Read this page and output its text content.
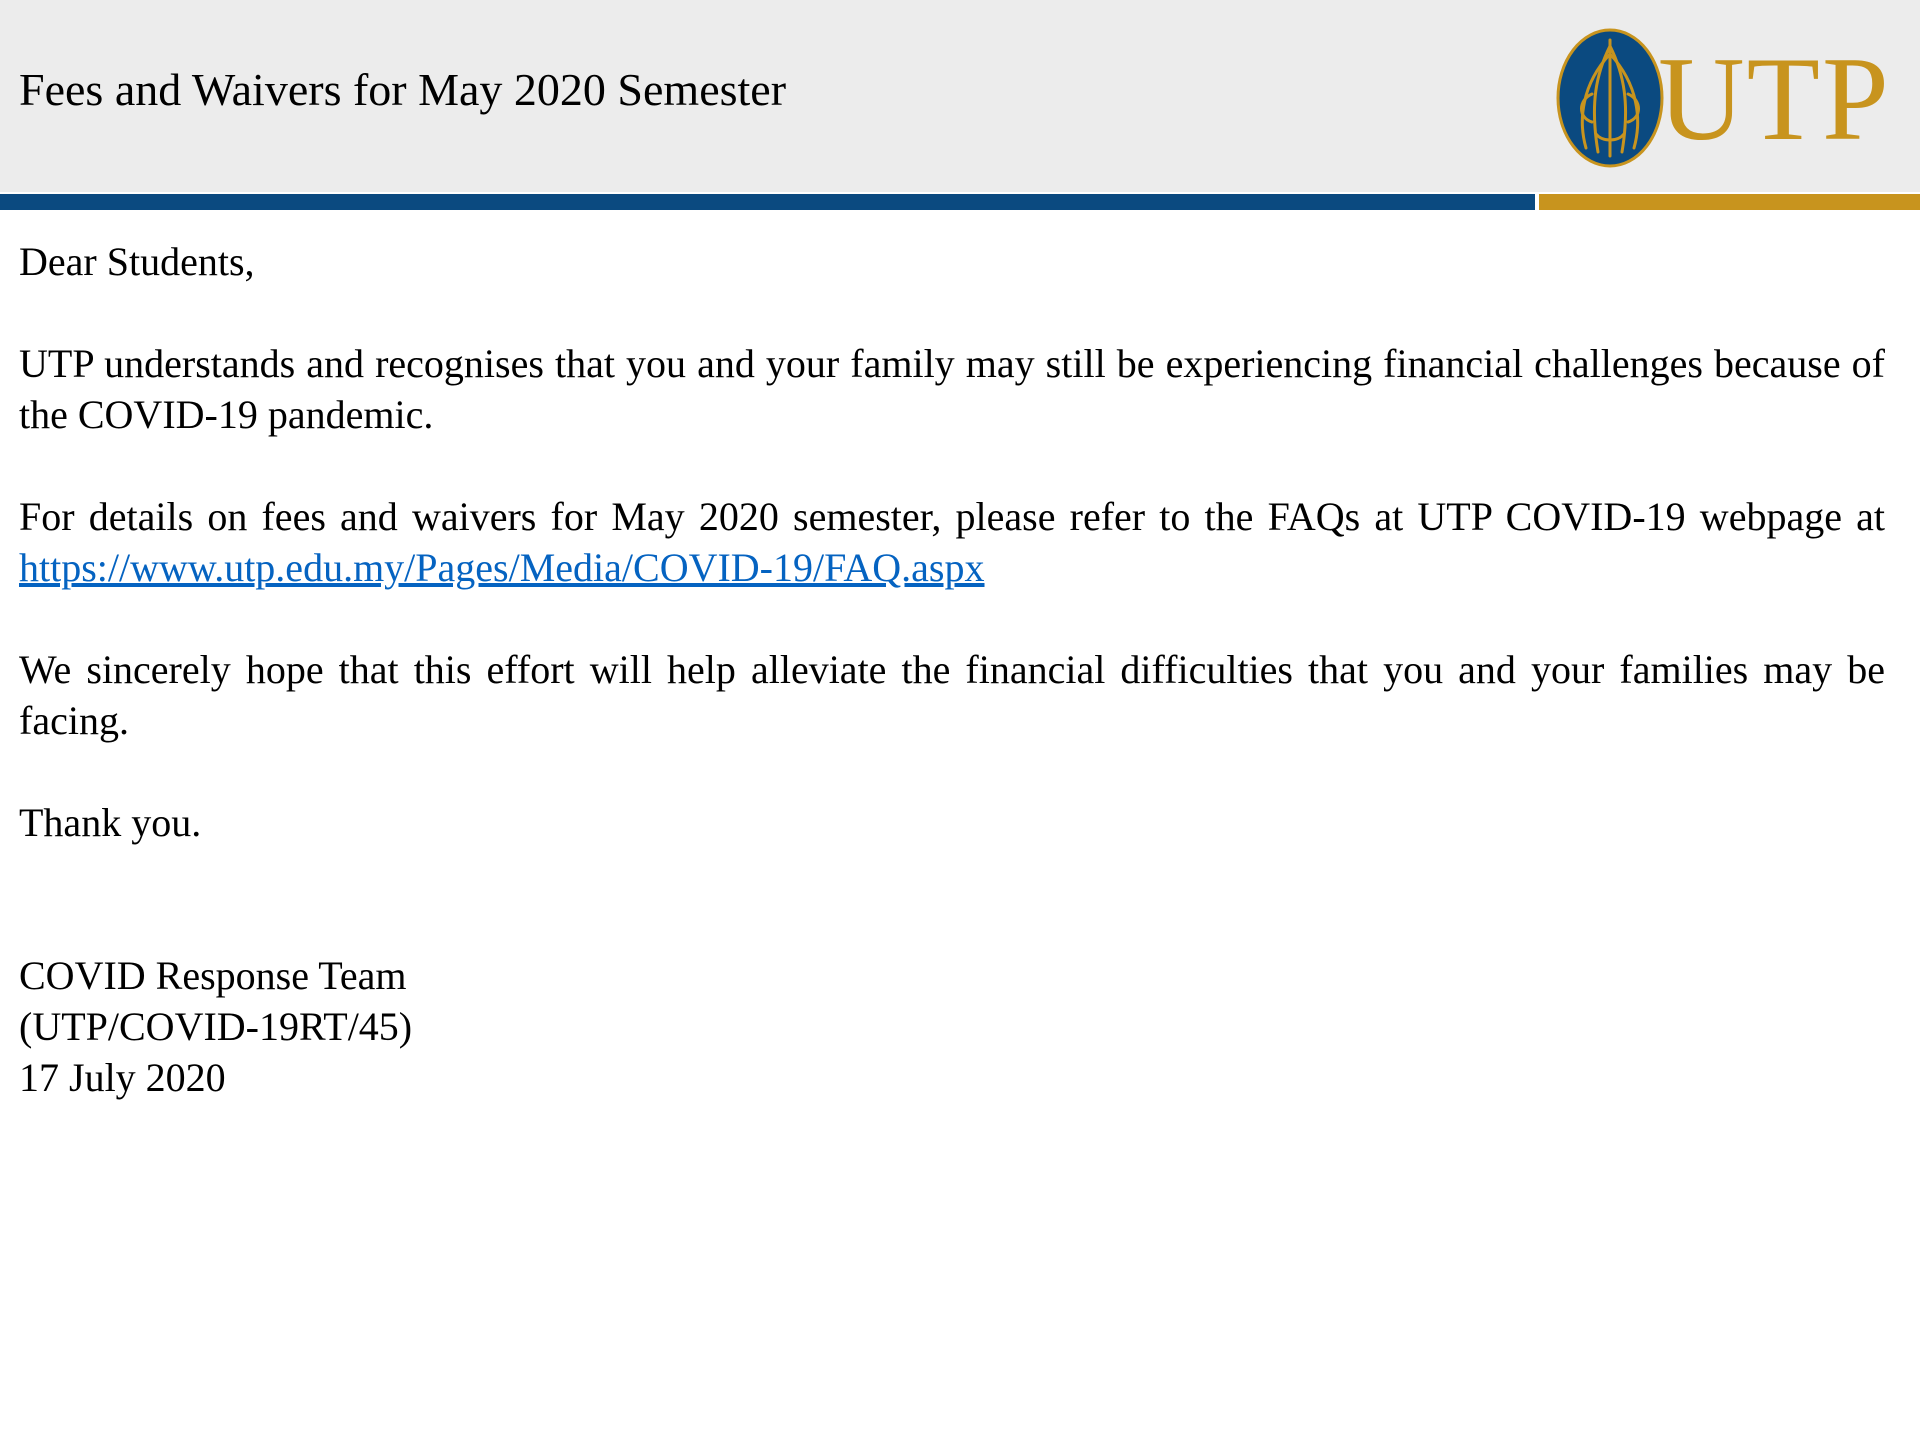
Fees and Waivers for May 2020 Semester	UTP

Dear Students,

UTP understands and recognises that you and your family may still be experiencing financial challenges because of the COVID-19 pandemic.

For details on fees and waivers for May 2020 semester, please refer to the FAQs at UTP COVID-19 webpage at https://www.utp.edu.my/Pages/Media/COVID-19/FAQ.aspx

We sincerely hope that this effort will help alleviate the financial difficulties that you and your families may be facing.

Thank you.

COVID Response Team
(UTP/COVID-19RT/45)
17 July 2020
